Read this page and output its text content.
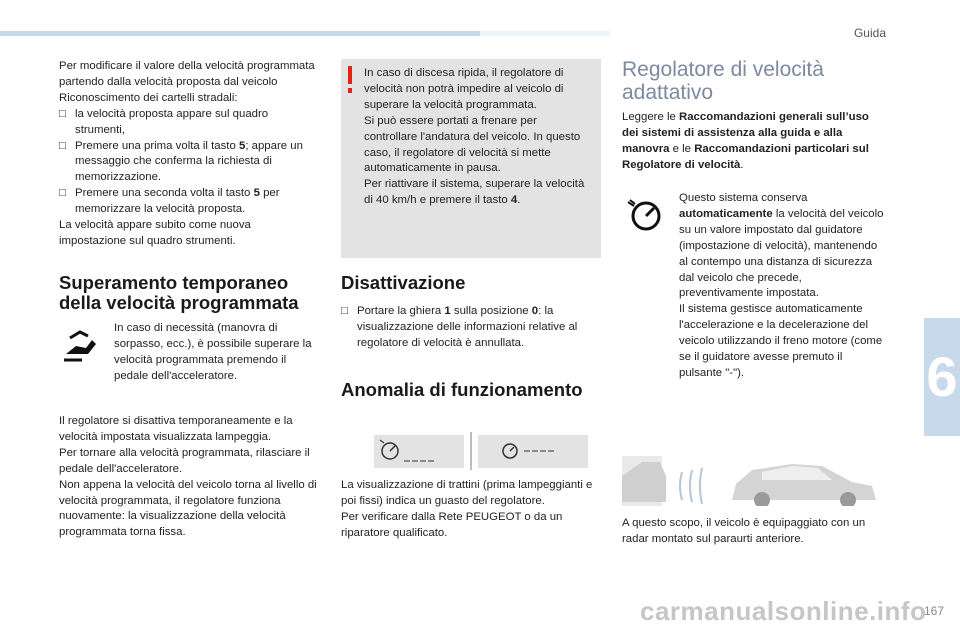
Guida
6
carmanualsonline.info
167

Per modificare il valore della velocità programmata partendo dalla velocità proposta dal veicolo Riconoscimento dei cartelli stradali:

□ la velocità proposta appare sul quadro strumenti,
□ Premere una prima volta il tasto 5; appare un messaggio che conferma la richiesta di memorizzazione.
□ Premere una seconda volta il tasto 5 per memorizzare la velocità proposta.

La velocità appare subito come nuova impostazione sul quadro strumenti.

Superamento temporaneo della velocità programmata

In caso di necessità (manovra di sorpasso, ecc.), è possibile superare la velocità programmata premendo il pedale dell'acceleratore.

Il regolatore si disattiva temporaneamente e la velocità impostata visualizzata lampeggia.
Per tornare alla velocità programmata, rilasciare il pedale dell'acceleratore.
Non appena la velocità del veicolo torna al livello di velocità programmata, il regolatore funziona nuovamente: la visualizzazione della velocità programmata torna fissa.

In caso di discesa ripida, il regolatore di velocità non potrà impedire al veicolo di superare la velocità programmata.
Si può essere portati a frenare per controllare l'andatura del veicolo. In questo caso, il regolatore di velocità si mette automaticamente in pausa.
Per riattivare il sistema, superare la velocità di 40 km/h e premere il tasto 4.

Disattivazione
□ Portare la ghiera 1 sulla posizione 0: la visualizzazione delle informazioni relative al regolatore di velocità è annullata.
Anomalia di funzionamento

La visualizzazione di trattini (prima lampeggianti e poi fissi) indica un guasto del regolatore.
Per verificare dalla Rete PEUGEOT o da un riparatore qualificato.

Regolatore di velocità adattativo

Leggere le Raccomandazioni generali sull’uso dei sistemi di assistenza alla guida e alla manovra e le Raccomandazioni particolari sul Regolatore di velocità.

Questo sistema conserva automaticamente la velocità del veicolo su un valore impostato dal guidatore (impostazione di velocità), mantenendo al contempo una distanza di sicurezza dal veicolo che precede, preventivamente impostata.
Il sistema gestisce automaticamente l'accelerazione e la decelerazione del veicolo utilizzando il freno motore (come se il guidatore avesse premuto il pulsante "-").

A questo scopo, il veicolo è equipaggiato con un radar montato sul paraurti anteriore.
